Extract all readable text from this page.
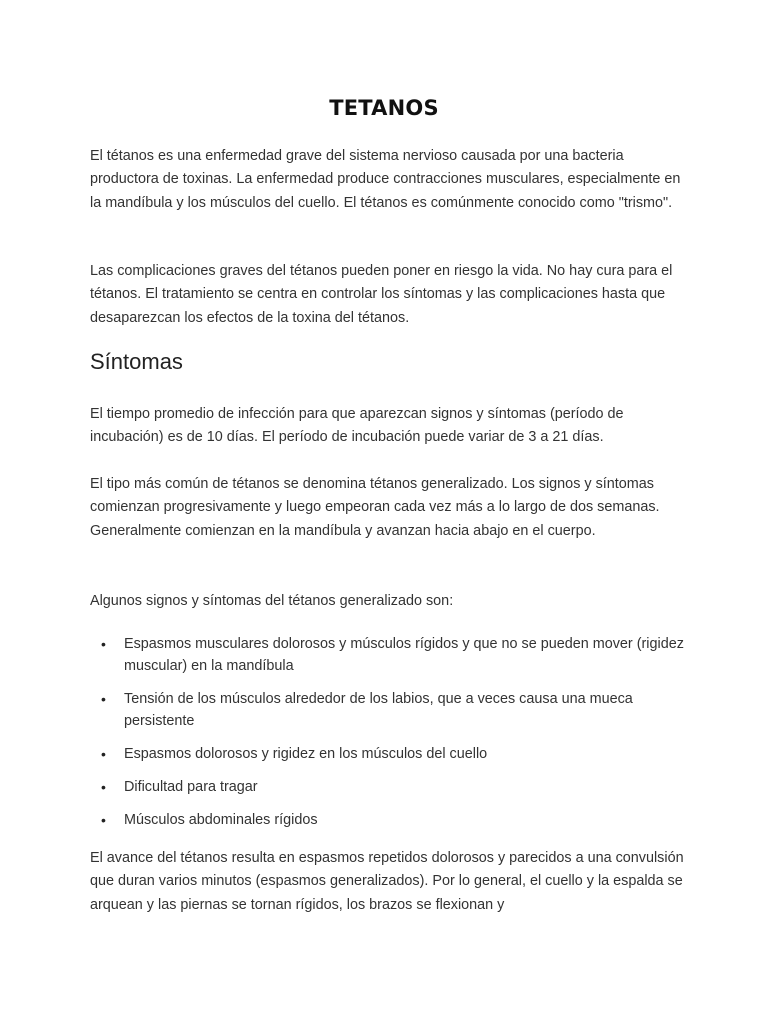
TETANOS

El tétanos es una enfermedad grave del sistema nervioso causada por una bacteria productora de toxinas. La enfermedad produce contracciones musculares, especialmente en la mandíbula y los músculos del cuello. El tétanos es comúnmente conocido como "trismo".

Las complicaciones graves del tétanos pueden poner en riesgo la vida. No hay cura para el tétanos. El tratamiento se centra en controlar los síntomas y las complicaciones hasta que desaparezcan los efectos de la toxina del tétanos.

Síntomas

El tiempo promedio de infección para que aparezcan signos y síntomas (período de incubación) es de 10 días. El período de incubación puede variar de 3 a 21 días.

El tipo más común de tétanos se denomina tétanos generalizado. Los signos y síntomas comienzan progresivamente y luego empeoran cada vez más a lo largo de dos semanas. Generalmente comienzan en la mandíbula y avanzan hacia abajo en el cuerpo.

Algunos signos y síntomas del tétanos generalizado son:

• Espasmos musculares dolorosos y músculos rígidos y que no se pueden mover (rigidez muscular) en la mandíbula
• Tensión de los músculos alrededor de los labios, que a veces causa una mueca persistente
• Espasmos dolorosos y rigidez en los músculos del cuello
• Dificultad para tragar
• Músculos abdominales rígidos

El avance del tétanos resulta en espasmos repetidos dolorosos y parecidos a una convulsión que duran varios minutos (espasmos generalizados). Por lo general, el cuello y la espalda se arquean y las piernas se tornan rígidos, los brazos se flexionan y
